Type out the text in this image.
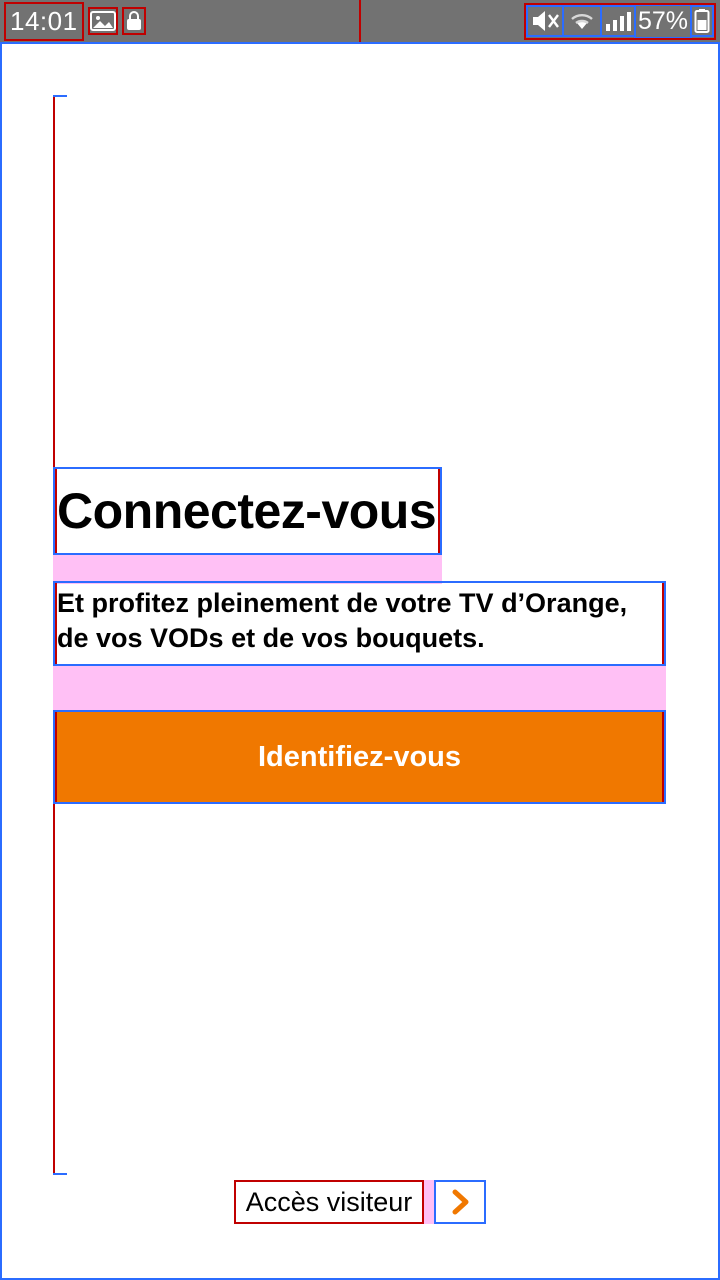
14:01	57%
Connectez-vous

Et profitez pleinement de votre TV d’Orange, de vos VODs et de vos bouquets.

Identifiez-vous
Accès visiteur
